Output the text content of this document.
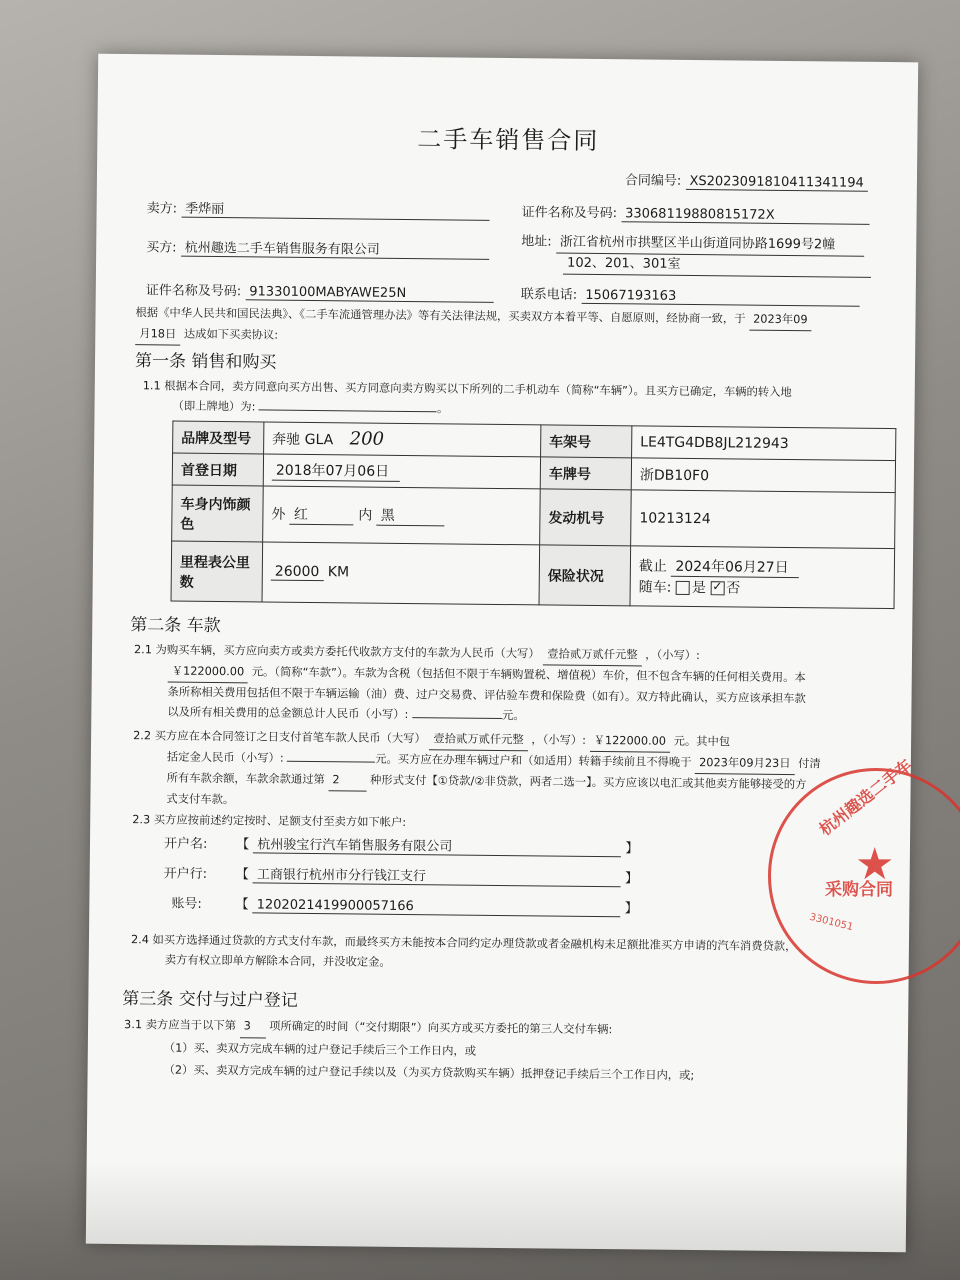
二手车销售合同
合同编号: XS2023091810411341194
卖方: 季烨丽	证件名称及号码: 33068119880815172X
买方: 杭州趣选二手车销售服务有限公司	地址: 浙江省杭州市拱墅区半山街道同协路1699号2幢
102、201、301室
证件名称及号码: 91330100MABYAWE25N	联系电话: 15067193163
根据《中华人民共和国民法典》、《二手车流通管理办法》等有关法律法规，买卖双方本着平等、自愿原则，经协商一致，于 2023年09
月18日 达成如下买卖协议:
第一条 销售和购买
1.1 根据本合同，卖方同意向买方出售、买方同意向卖方购买以下所列的二手机动车（简称“车辆”）。且买方已确定，车辆的转入地
（即上牌地）为:	。
品牌及型号	奔驰 GLA 200	车架号	LE4TG4DB8JL212943
首登日期	2018年07月06日	车牌号	浙DB10F0
车身内饰颜色	外 红 内 黑	发动机号	10213124
里程表公里数	26000 KM	保险状况	截止 2024年06月27日
随车: 是 ✓ 否
第二条 车款
2.1 为购买车辆，买方应向卖方或卖方委托代收款方支付的车款为人民币（大写） 壹拾贰万贰仟元整 ，（小写）:
￥122000.00 元。（简称“车款”）。车款为含税（包括但不限于车辆购置税、增值税）车价，但不包含车辆的任何相关费用。本
条所称相关费用包括但不限于车辆运输（油）费、过户交易费、评估验车费和保险费（如有）。双方特此确认，买方应该承担车款
以及所有相关费用的总金额总计人民币（小写）:	元。
2.2 买方应在本合同签订之日支付首笔车款人民币（大写） 壹拾贰万贰仟元整 ，（小写）: ￥122000.00 元。其中包
括定金人民币（小写）:	元。买方应在办理车辆过户和（如适用）转籍手续前且不得晚于 2023年09月23日 付清
所有车款余额，车款余款通过第 2	种形式支付【①贷款/②非贷款，两者二选一】。买方应该以电汇或其他卖方能够接受的方
式支付车款。
2.3 买方应按前述约定按时、足额支付至卖方如下帐户:
开户名: 【 杭州骏宝行汽车销售服务有限公司	】
开户行: 【 工商银行杭州市分行钱江支行	】
账号:	【 1202021419900057166	】
2.4 如买方选择通过贷款的方式支付车款，而最终买方未能按本合同约定办理贷款或者金融机构未足额批准买方申请的汽车消费贷款，
卖方有权立即单方解除本合同，并没收定金。
第三条 交付与过户登记
3.1 卖方应当于以下第 3 项所确定的时间（“交付期限”）向买方或买方委托的第三人交付车辆:
（1）买、卖双方完成车辆的过户登记手续后三个工作日内，或
（2）买、卖双方完成车辆的过户登记手续以及（为买方贷款购买车辆）抵押登记手续后三个工作日内，或;
杭州趣选二手车
★
采购合同
3301051
